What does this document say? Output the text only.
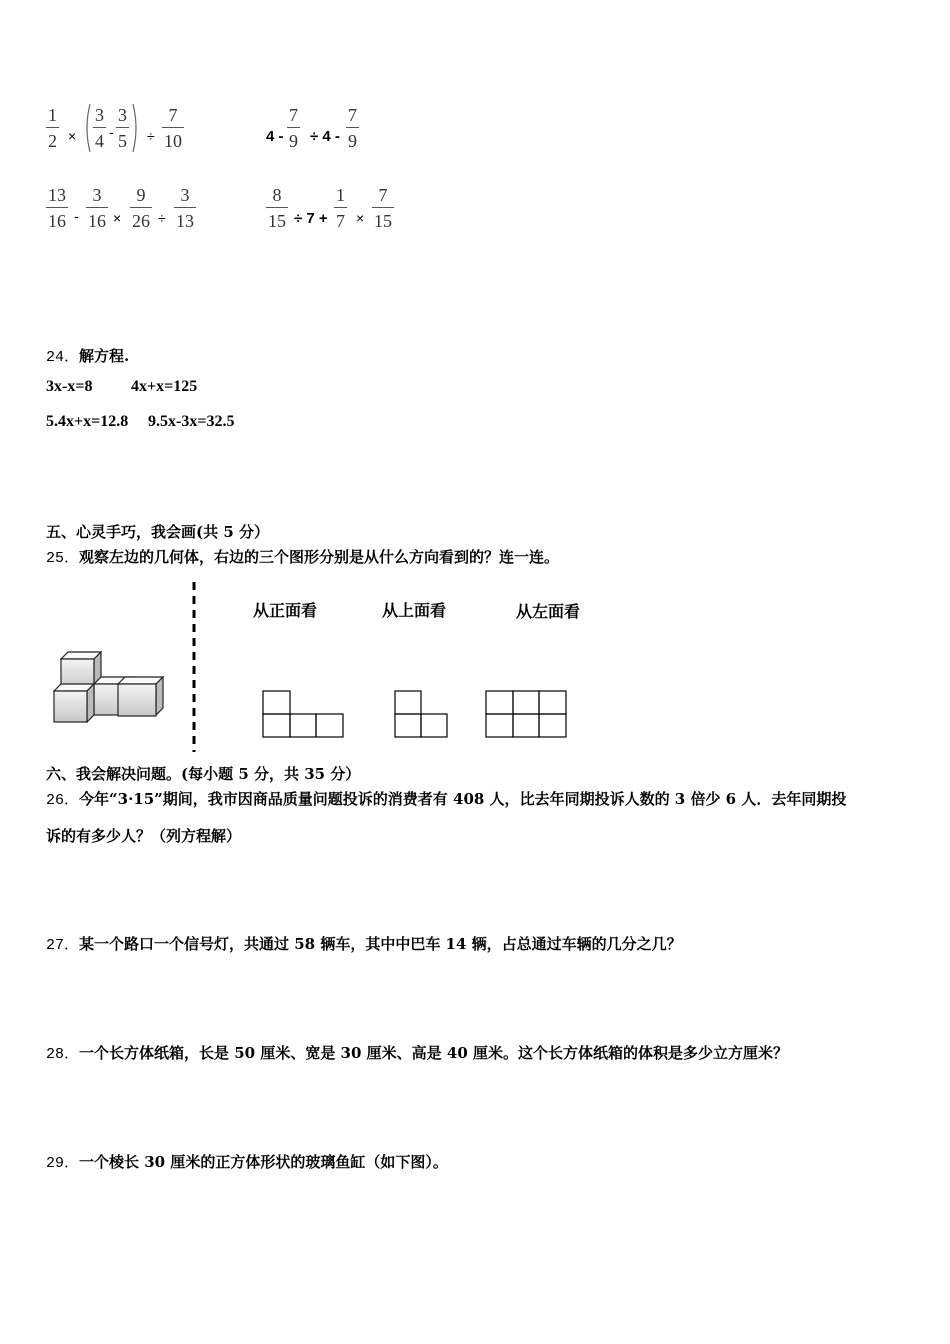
1
2 ×
3
4 -
3
5 ÷
7
10	4 -
7
9 ÷ 4 -
7
9
13
16 -
3
16 ×
9
26 ÷
3
13
8
15 ÷ 7 +
1
7 ×
7
15
24．解方程.
3x-x=8 4x+x=125
5.4x+x=12.8 9.5x-3x=32.5
五、心灵手巧，我会画(共 5 分）
25．观察左边的几何体，右边的三个图形分别是从什么方向看到的？连一连。
从正面看	从上面看	从左面看
六、我会解决问题。(每小题 5 分，共 35 分）
26．今年“3·15”期间，我市因商品质量问题投诉的消费者有 408 人，比去年同期投诉人数的 3 倍少 6 人．去年同期投
诉的有多少人？（列方程解）
27．某一个路口一个信号灯，共通过 58 辆车，其中中巴车 14 辆，占总通过车辆的几分之几？
28．一个长方体纸箱，长是 50 厘米、宽是 30 厘米、高是 40 厘米。这个长方体纸箱的体积是多少立方厘米？
29．一个棱长 30 厘米的正方体形状的玻璃鱼缸（如下图）。
